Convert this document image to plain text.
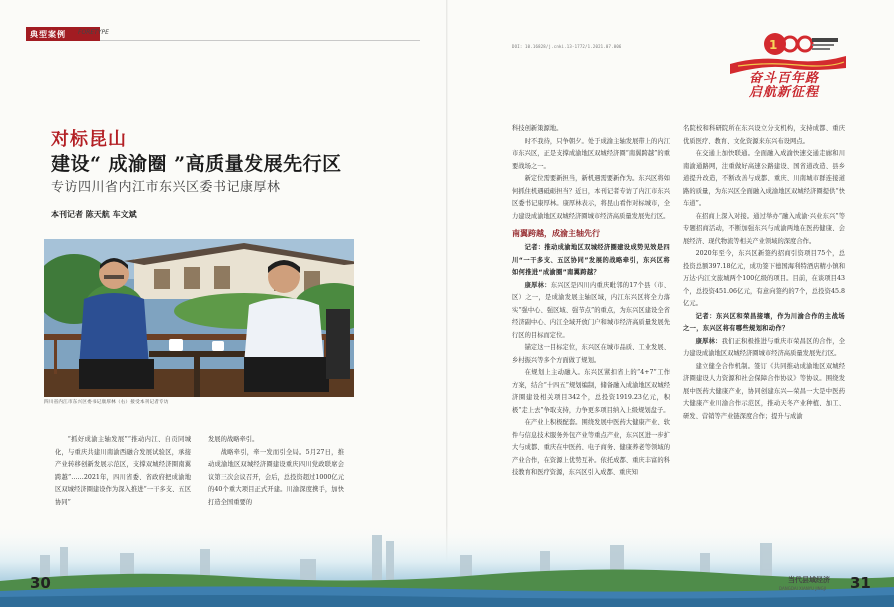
典型案例 FORETYPE
DOI: 10.16828/j.cnki.13-1772/1.2021.07.006	1
奋斗百年路
启航新征程
对标昆山
建设“ 成渝圈 ”高质量发展先行区
专访四川省内江市东兴区委书记康厚林
本刊记者 陈天航 车文斌
四川省内江市东兴区委书记康厚林（右）接受本刊记者专访

“抓好成渝主轴发展”“推动内江、自贡同城化，与重庆共建川南渝西融合发展试验区，承接产业转移创新发展示范区，支撑双城经济圈南翼跨越”……2021年，四川省委、省政府把成渝地区双城经济圈建设作为深入推进“一干多支、五区协同”

发展的战略牵引。

战略牵引，牵一发而引全局。5月27日，推动成渝地区双城经济圈建设重庆四川党政联席会议第三次会议召开，会后，总投资超过1000亿元的40个重大项目正式开建。川渝深度携手，加快打造全国重要的

科技创新策源地。

时不我待，只争朝夕。处于成渝主轴发展带上的内江市东兴区，正是支撑成渝地区双城经济圈“南翼跨越”的重要战场之一。

新定位需要新担当，新机遇需要新作为。东兴区将如何抓住机遇砥砺担当？近日，本刊记者专访了内江市东兴区委书记康厚林。康厚林表示，将昆山看作对标城市，全力建设成渝地区双城经济圈城市经济高质量发展先行区。

南翼跨越，成渝主轴先行

记者：推动成渝地区双城经济圈建设成势见效是四川“一干多支、五区协同”发展的战略牵引，东兴区将如何推进“成渝圈”南翼跨越？

康厚林：东兴区是四川内重庆毗邻的17个县（市、区）之一，是成渝发展主轴区域，内江东兴区将全力落实“强中心、强区域、强节点”的重点，为东兴区建设全省经济副中心、内江全域开放门户和城市经济高质量发展先行区的目标而定位。

锚定这一目标定位，东兴区在城市品质、工业发展、乡村振兴等多个方面做了规划。

在规划上主动融入。东兴区紧扣省上的“4+7”工作方案，结合“十四五”规划编制，储备融入成渝地区双城经济圈建设相关项目342个，总投资1919.23亿元，积极“走上去”争取支持，力争更多项目纳入上级规划盘子。

在产业上积极配套。围绕发展中医药大健康产业、软件与信息技术服务外包产业等重点产业，东兴区进一步扩大与成都、重庆在中医药、电子商务、健康养老等领域的产业合作，在资源上优势互补。依托成都、重庆丰富的科技教育和医疗资源，东兴区引入成都、重庆知

名院校和科研院所在东兴设立分支机构，支持成都、重庆优质医疗、教育、文化资源来东兴布设网点。

在交通上加快联通。全面融入成渝快速交通走廊和川南渝通路网，注重做好高速公路建设、国省道改造、县乡道提升改造，不断改善与成都、重庆、川南城市群连接道路的质量，为东兴区全面融入成渝地区双城经济圈提供“快车道”。

在招商上深入对接。通过举办“融入成渝·兴业东兴”等专题招商活动，不断加强东兴与成渝两地在医药健康、会展经济、现代物流等相关产业领域的深度合作。

2020年至今，东兴区新签约招商引资项目75个，总投资总额397.18亿元，成功签下德国海利特酒店精小镇和万达·内江文旅城两个100亿级的项目。目前，在谈项目43个，总投资451.06亿元，有意向签约的7个，总投资45.8亿元。

记者：东兴区和荣昌接壤，作为川渝合作的主战场之一，东兴区将有哪些规划和动作？

康厚林：我们正积极推进与重庆市荣昌区的合作，全力建设成渝地区双城经济圈城市经济高质量发展先行区。

建立健全合作机制。签订《共同推动成渝地区双城经济圈建设人力资源和社会保障合作协议》等协议。围绕发展中医药大健康产业，协同创建东兴—荣昌一大是中医药大健康产业川渝合作示范区，推动天冬产业种植、加工、研发、营销等产业链深度合作；提升与成渝

30	31
当代县域经济
DANGDAI XIANYU JINGJI
